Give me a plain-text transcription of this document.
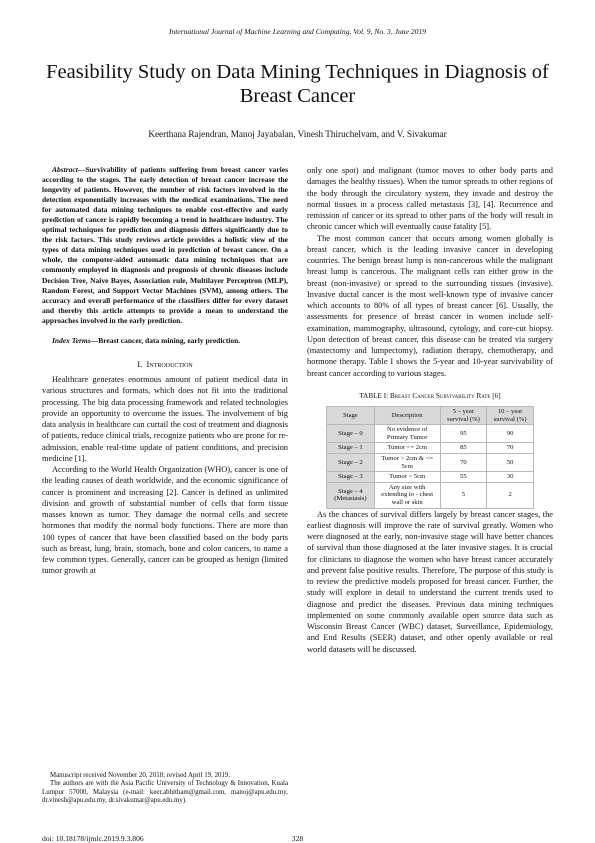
International Journal of Machine Learning and Computing, Vol. 9, No. 3, June 2019
Feasibility Study on Data Mining Techniques in Diagnosis of Breast Cancer
Keerthana Rajendran, Manoj Jayabalan, Vinesh Thiruchelvam, and V. Sivakumar

Abstract—Survivability of patients suffering from breast cancer varies according to the stages. The early detection of breast cancer increase the longevity of patients. However, the number of risk factors involved in the detection exponentially increases with the medical examinations. The need for automated data mining techniques to enable cost-effective and early prediction of cancer is rapidly becoming a trend in healthcare industry. The optimal techniques for prediction and diagnosis differs significantly due to the risk factors. This study reviews article provides a holistic view of the types of data mining techniques used in prediction of breast cancer. On a whole, the computer-aided automatic data mining techniques that are commonly employed in diagnosis and prognosis of chronic diseases include Decision Tree, Naive Bayes, Association rule, Multilayer Perceptron (MLP), Random Forest, and Support Vector Machines (SVM), among others. The accuracy and overall performance of the classifiers differ for every dataset and thereby this article attempts to provide a mean to understand the approaches involved in the early prediction.

Index Terms—Breast cancer, data mining, early prediction.

I. Introduction

Healthcare generates enormous amount of patient medical data in various structures and formats, which does not fit into the traditional processing. The big data processing framework and related technologies provide an opportunity to overcome the issues. The involvement of big data analysis in healthcare can curtail the cost of treatment and diagnosis of patients, reduce clinical trials, recognize patients who are prone for re-admission, enable real-time update of patient conditions, and precision medicine [1].

According to the World Health Organization (WHO), cancer is one of the leading causes of death worldwide, and the economic significance of cancer is prominent and increasing [2]. Cancer is defined as unlimited division and growth of substantial number of cells that form tissue masses known as tumor. They damage the normal cells and secrete hormones that modify the normal body functions. There are more than 100 types of cancer that have been classified based on the body parts such as breast, lung, brain, stomach, bone and colon cancers, to name a few common types. Generally, cancer can be grouped as benign (limited tumor growth at

only one spot) and malignant (tumor moves to other body parts and damages the healthy tissues). When the tumor spreads to other regions of the body through the circulatory system, they invade and destroy the normal tissues in a process called metastasis [3], [4]. Recurrence and remission of cancer or its spread to other parts of the body will result in chronic cancer which will eventually cause fatality [5].

The most common cancer that occurs among women globally is breast cancer, which is the leading invasive cancer in developing countries. The benign breast lump is non-cancerous while the malignant breast lump is cancerous. The malignant cells can either grow in the breast (non-invasive) or spread to the surrounding tissues (invasive). Invasive ductal cancer is the most well-known type of invasive cancer which accounts to 80% of all types of breast cancer [6]. Usually, the assessments for presence of breast cancer in women include self-examination, mammography, ultrasound, cytology, and core-cut biopsy. Upon detection of breast cancer, this disease can be treated via surgery (mastectomy and lumpectomy), radiation therapy, chemotherapy, and hormone therapy. Table I shows the 5-year and 10-year survivability of breast cancer according to various stages.

TABLE I: Breast Cancer Survivability Rate [6]
Stage	Description	5 – year survival (%)	10 – year survival (%)
Stage – 0	No evidence of Primary Tumor	95	90
Stage – 1	Tumor <= 2cm	85	70
Stage – 2	Tumor > 2cm & <= 5cm	70	50
Stage – 3	Tumor > 5cm	55	30
Stage – 4 (Metastasis)	Any size with extending to - chest wall or skin	5	2

As the chances of survival differs largely by breast cancer stages, the earliest diagnosis will improve the rate of survival greatly. Women who were diagnosed at the early, non-invasive stage will have better chances of survival than those diagnosed at the later invasive stages. It is crucial for clinicians to diagnose the women who have breast cancer accurately and prevent false positive results. Therefore, The purpose of this study is to review the predictive models proposed for breast cancer. Further, the study will explore in detail to understand the current trends used to diagnose and predict the diseases. Previous data mining techniques implemented on some commonly available open source data such as Wisconsin Breast Cancer (WBC) dataset, Surveillance, Epidemiology, and End Results (SEER) dataset, and other openly available or real world datasets will be discussed.

Manuscript received November 20, 2018; revised April 19, 2019.

The authors are with the Asia Pacific University of Technology & Innovation, Kuala Lumpur 57000, Malaysia (e-mail: keer.abhitham@gmail.com, manoj@apu.edu.my, dr.vinesh@apu.edu.my, dr.sivakumar@apu.edu.my).

doi: 10.18178/ijmlc.2019.9.3.806	328
